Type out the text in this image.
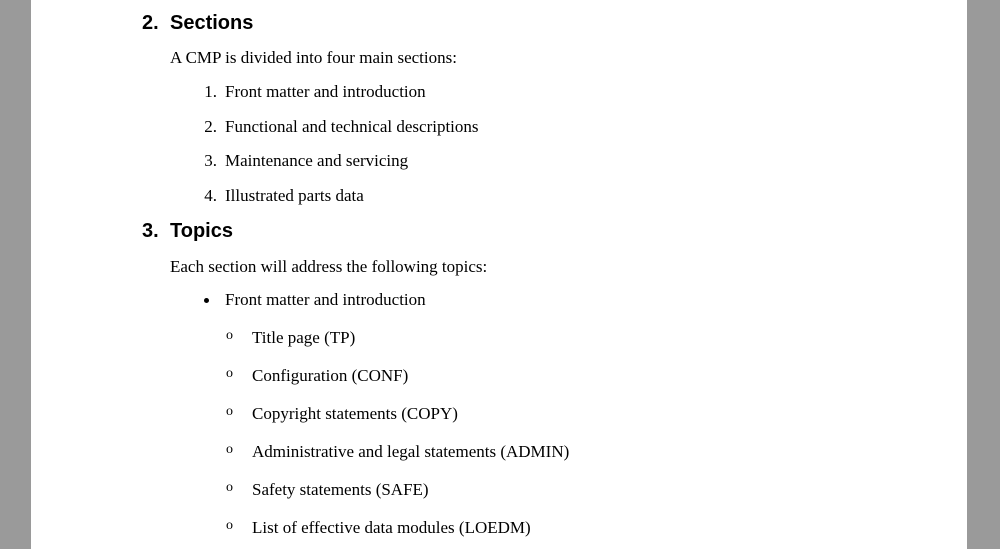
2. Sections
A CMP is divided into four main sections:
1. Front matter and introduction
2. Functional and technical descriptions
3. Maintenance and servicing
4. Illustrated parts data
3. Topics
Each section will address the following topics:
Front matter and introduction
o Title page (TP)
o Configuration (CONF)
o Copyright statements (COPY)
o Administrative and legal statements (ADMIN)
o Safety statements (SAFE)
o List of effective data modules (LOEDM)
